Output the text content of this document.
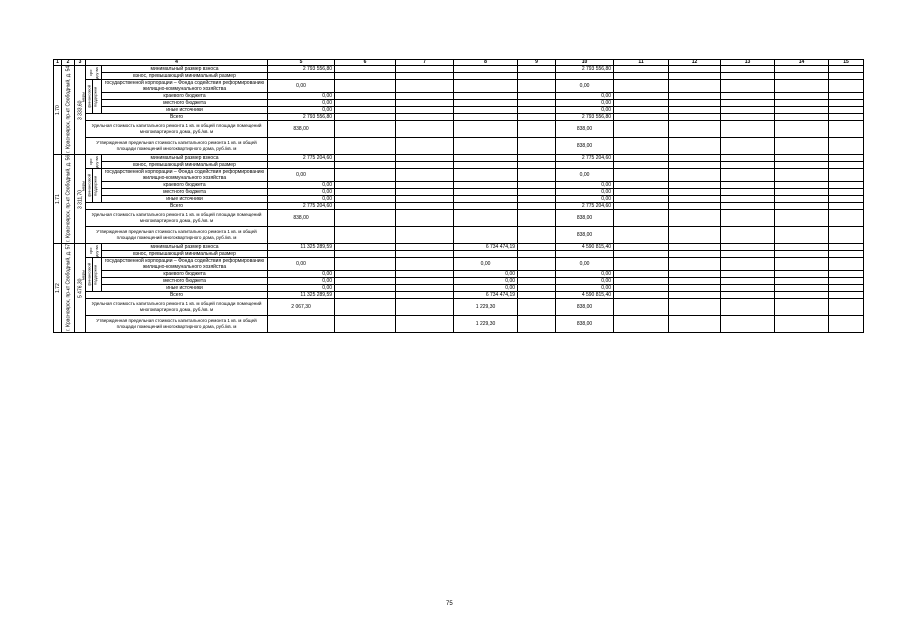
1	2	3	4			5	6	7	8	9	10	11	12	13	14	15
1.70	г. Красноярск, пр-кт Свободный, д. 54	3 333,60	сро дсу ва		минимальный размер взноса	2 793 556,80					2 793 556,80					
					взнос, превышающий минимальный размер											
			меры финансовой поддержки		государственной корпорации – Фонда содействия реформированию жилищно-коммунального хозяйства	0,00					0,00					
					краевого бюджета	0,00					0,00					
					местного бюджета	0,00					0,00					
					иные источники	0,00					0,00					
			Всего			2 793 556,80					2 793 556,80					
			Удельная стоимость капитального ремонта 1 кв. м общей площади помещений многоквартирного дома, руб./кв. м			838,00					838,00					
			Утвержденная предельная стоимость капитального ремонта 1 кв. м общей площади помещений многоквартирного дома, руб./кв. м								838,00					
1.71	г. Красноярск, пр-кт Свободный, д. 56	3 311,70	сро дсу ва		минимальный размер взноса	2 775 204,60					2 775 204,60					
					взнос, превышающий минимальный размер											
			меры финансовой поддержки		государственной корпорации – Фонда содействия реформированию жилищно-коммунального хозяйства	0,00					0,00					
					краевого бюджета	0,00					0,00					
					местного бюджета	0,00					0,00					
					иные источники	0,00					0,00					
			Всего			2 775 204,60					2 775 204,60					
			Удельная стоимость капитального ремонта 1 кв. м общей площади помещений многоквартирного дома, руб./кв. м			838,00					838,00					
			Утвержденная предельная стоимость капитального ремонта 1 кв. м общей площади помещений многоквартирного дома, руб./кв. м								838,00					
1.72	г. Красноярск, пр-кт Свободный, д. 57	5 476,30	сро дсу ва		минимальный размер взноса	11 325 289,59			6 734 474,19		4 590 815,40					
					взнос, превышающий минимальный размер											
			меры финансовой поддержки		государственной корпорации – Фонда содействия реформированию жилищно-коммунального хозяйства	0,00			0,00		0,00					
					краевого бюджета	0,00			0,00		0,00					
					местного бюджета	0,00			0,00		0,00					
					иные источники	0,00			0,00		0,00					
			Всего			11 325 289,59			6 734 474,19		4 590 815,40					
			Удельная стоимость капитального ремонта 1 кв. м общей площади помещений многоквартирного дома, руб./кв. м			2 067,30			1 229,30		838,00					
			Утвержденная предельная стоимость капитального ремонта 1 кв. м общей площади помещений многоквартирного дома, руб./кв. м						1 229,30		838,00					
75
